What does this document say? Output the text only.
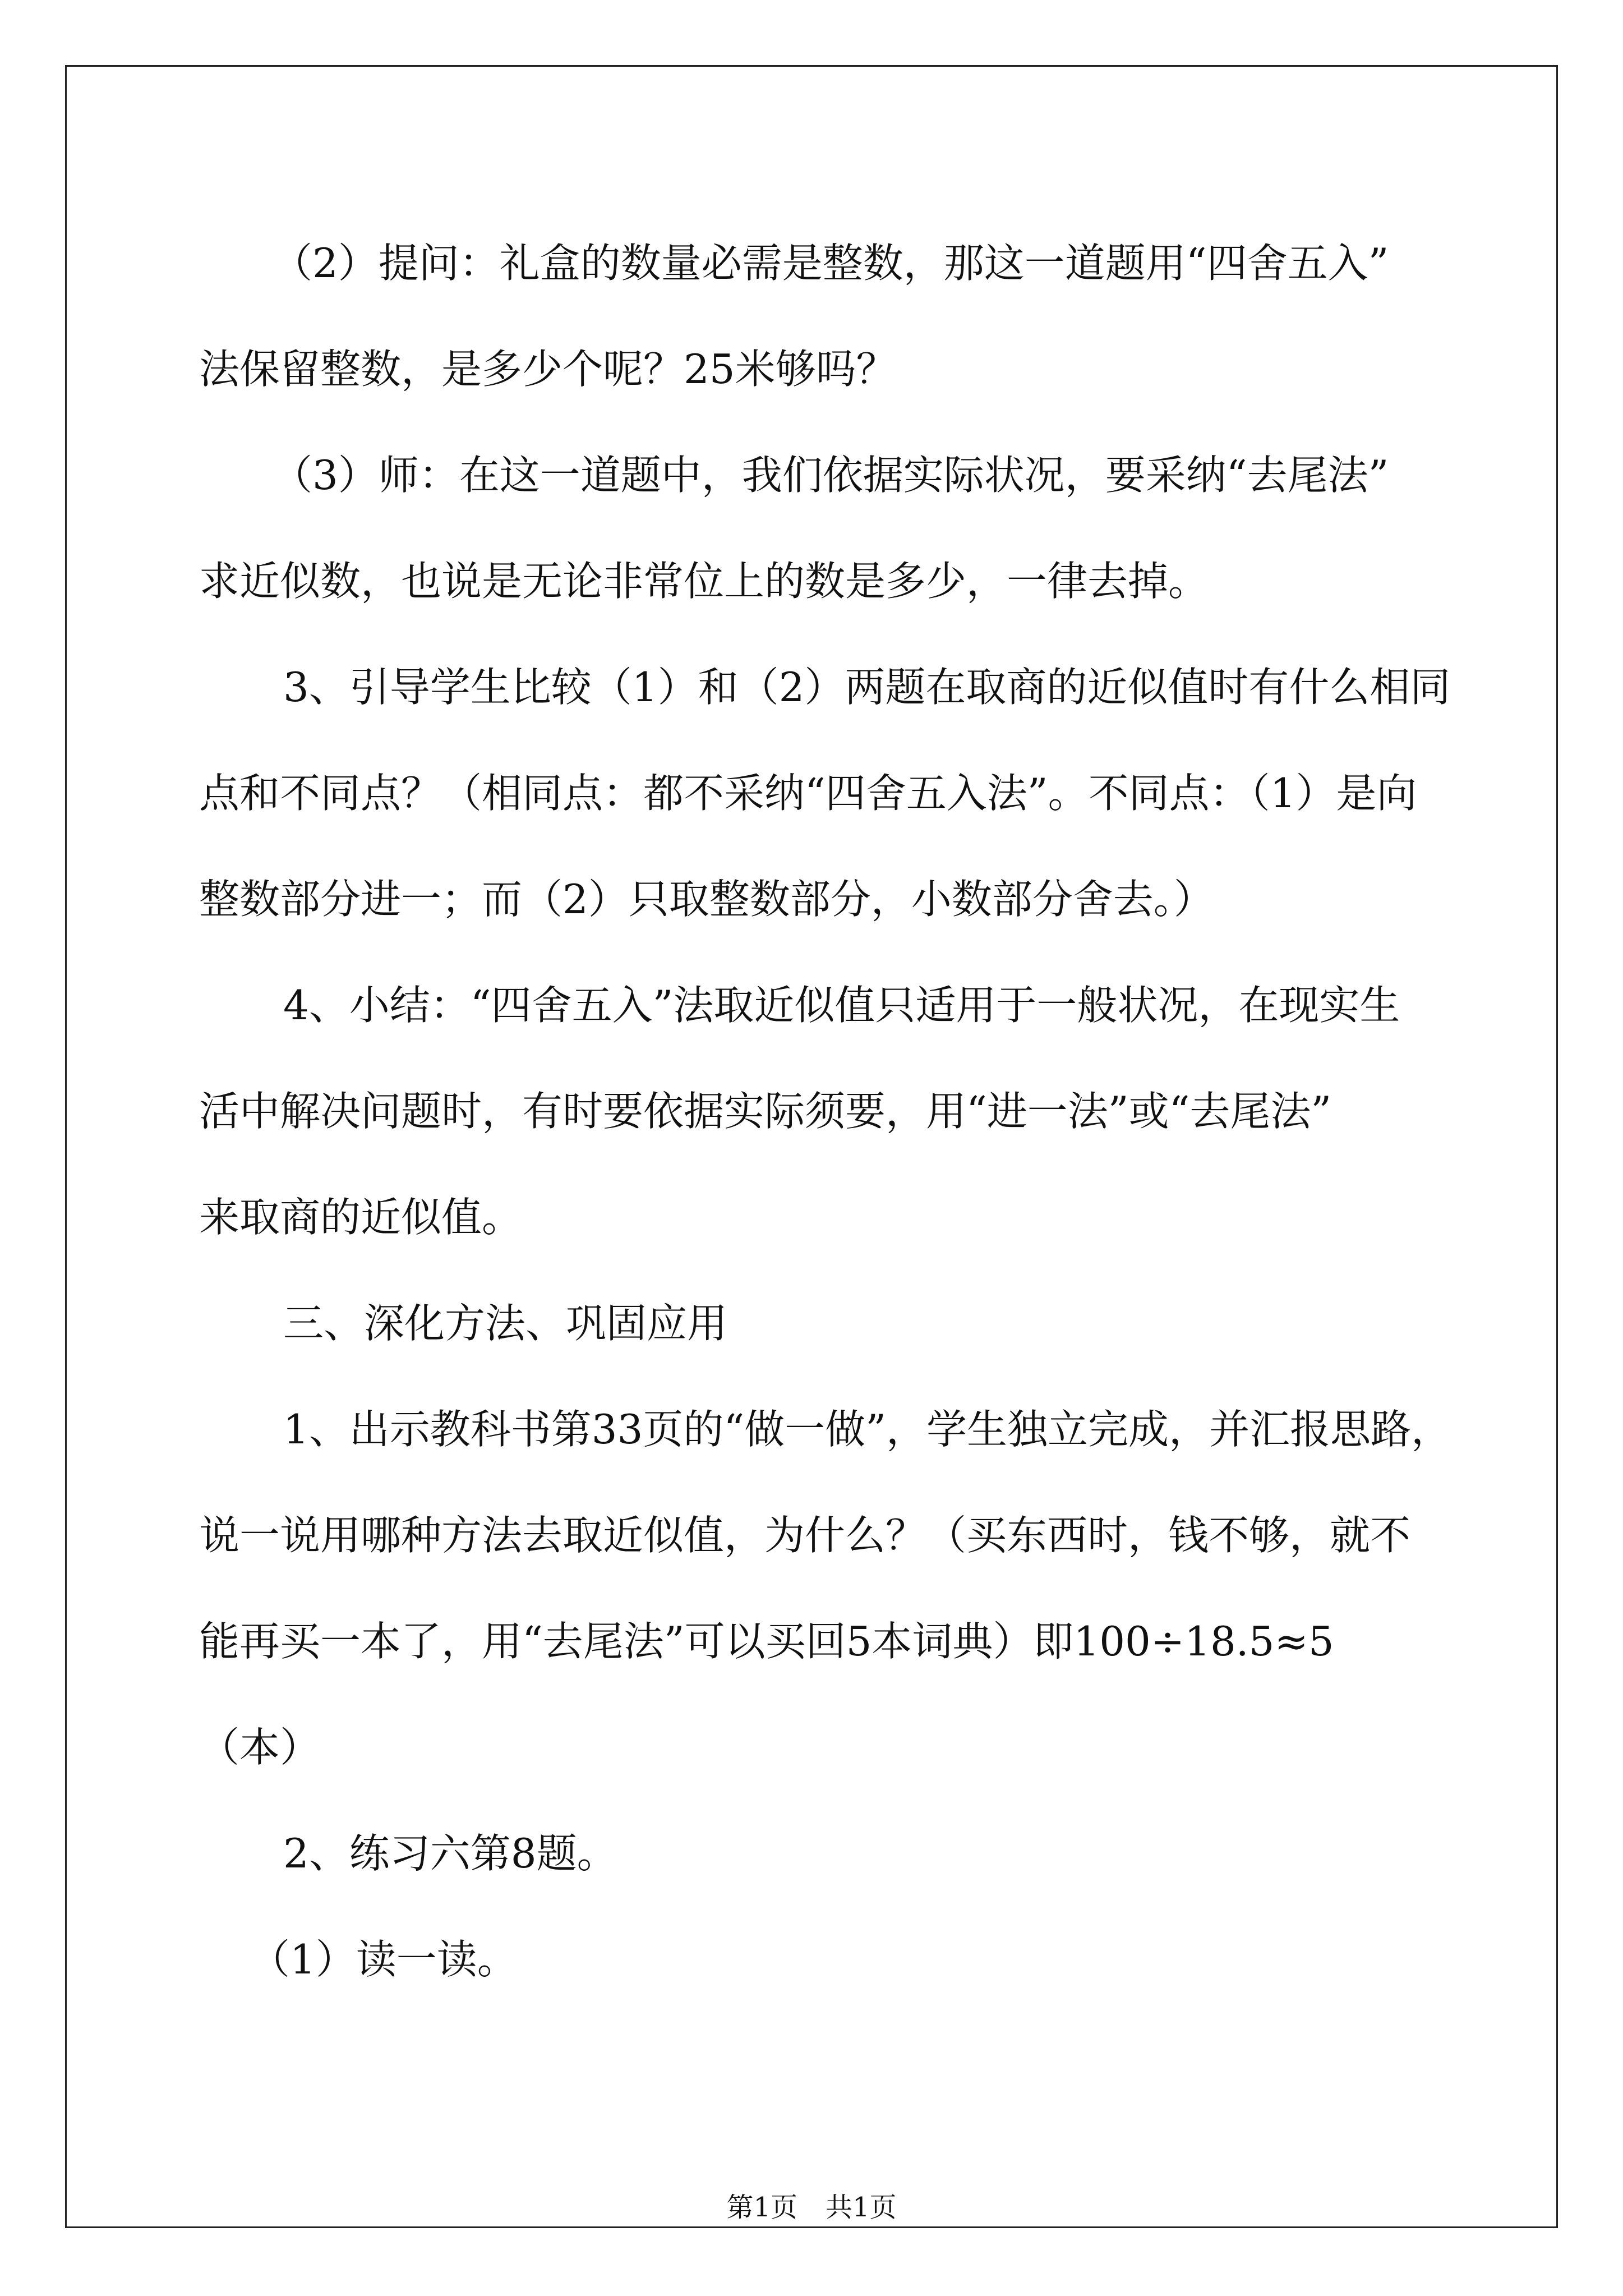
（2）提问：礼盒的数量必需是整数，那这一道题用“四舍五入”
法保留整数，是多少个呢？25米够吗？
（3）师：在这一道题中，我们依据实际状况，要采纳“去尾法”
求近似数，也说是无论非常位上的数是多少，一律去掉。
3、引导学生比较（1）和（2）两题在取商的近似值时有什么相同
点和不同点？（相同点：都不采纳“四舍五入法”。不同点：（1）是向
整数部分进一；而（2）只取整数部分，小数部分舍去。）
4、小结：“四舍五入”法取近似值只适用于一般状况，在现实生
活中解决问题时，有时要依据实际须要，用“进一法”或“去尾法”
来取商的近似值。
三、深化方法、巩固应用
1、出示教科书第33页的“做一做”，学生独立完成，并汇报思路，
说一说用哪种方法去取近似值，为什么？（买东西时，钱不够，就不
能再买一本了，用“去尾法”可以买回5本词典）即100÷18.5≈5
（本）
2、练习六第8题。
（1）读一读。
第1页 共1页
